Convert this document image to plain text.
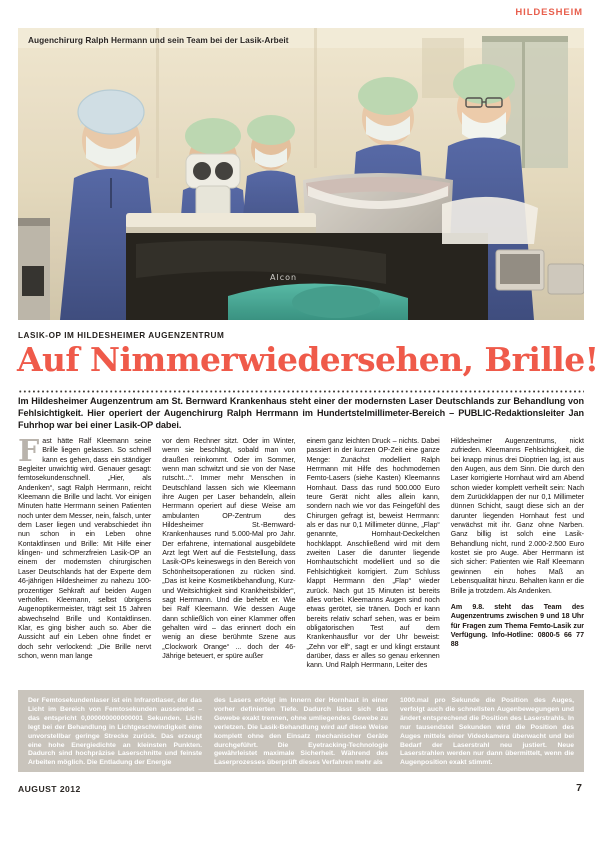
HILDESHEIM
Alcon
Augenchirurg Ralph Hermann und sein Team bei der Lasik-Arbeit
LASIK-OP IM HILDESHEIMER AUGENZENTRUM
Auf Nimmerwiedersehen, Brille!
Im Hildesheimer Augenzentrum am St. Bernward Krankenhaus steht einer der modernsten Laser Deutschlands zur Behandlung von Fehlsichtigkeit. Hier operiert der Augenchirurg Ralph Herrmann im Hundertstelmillimeter-Bereich – PUBLIC-Redaktionsleiter Jan Fuhrhop war bei einer Lasik-OP dabei.
Fast hätte Ralf Kleemann seine Brille liegen gelassen. So schnell kann es gehen, dass ein ständiger Begleiter unwichtig wird. Genauer gesagt: femtosekundenschnell. „Hier, als Andenken“, sagt Ralph Herrmann, reicht Kleemann die Brille und lacht. Vor einigen Minuten hatte Herrmann seinen Patienten noch unter dem Messer, nein, falsch, unter dem Laser liegen und verabschiedet ihn nun schon in ein Leben ohne Kontaktlinsen und Brille: Mit Hilfe einer klingen- und schmerzfreien Lasik-OP an einem der modernsten chirurgischen Laser Deutschlands hat der Experte dem 46-jährigen Hildesheimer zu nahezu 100-prozentiger Sehkraft auf beiden Augen verholfen. Kleemann, selbst übrigens Augenoptikermeister, trägt seit 15 Jahren abwechselnd Brille und Kontaktlinsen. Klar, es ging bisher auch so. Aber die Aussicht auf ein Leben ohne findet er doch sehr verlockend: „Die Brille nervt schon, wenn man lange
vor dem Rechner sitzt. Oder im Winter, wenn sie beschlägt, sobald man von draußen reinkommt. Oder im Sommer, wenn man schwitzt und sie von der Nase rutscht...“. Immer mehr Menschen in Deutschland lassen sich wie Kleemann ihre Augen per Laser behandeln, allein Herrmann operiert auf diese Weise am ambulanten OP-Zentrum des Hildesheimer St.-Bernward-Krankenhauses rund 5.000-Mal pro Jahr. Der erfahrene, international ausgebildete Arzt legt Wert auf die Feststellung, dass Lasik-OPs keineswegs in den Bereich von Schönheitsoperationen zu rücken sind. „Das ist keine Kosmetikbehandlung, Kurz- und Weitsichtigkeit sind Krankheitsbilder“, sagt Herrmann. Und die behebt er. Wie bei Ralf Kleemann. Wie dessen Auge dann schließlich von einer Klammer offen gehalten wird – das erinnert doch ein wenig an diese berühmte Szene aus „Clockwork Orange“ ... doch der 46-Jährige beteuert, er spüre außer
einem ganz leichten Druck – nichts. Dabei passiert in der kurzen OP-Zeit eine ganze Menge: Zunächst modelliert Ralph Herrmann mit Hilfe des hochmodernen Femto-Lasers (siehe Kasten) Kleemanns Hornhaut. Dass das rund 500.000 Euro teure Gerät nicht alles allein kann, sondern nach wie vor das Feingefühl des Chirurgen gefragt ist, beweist Herrmann: als er das nur 0,1 Millimeter dünne, „Flap“ genannte, Hornhaut-Deckelchen hochklappt. Anschließend wird mit dem zweiten Laser die darunter liegende Hornhautschicht modelliert und so die Fehlsichtigkeit korrigiert. Zum Schluss klappt Herrmann den „Flap“ wieder zurück. Nach gut 15 Minuten ist bereits alles vorbei. Kleemanns Augen sind noch etwas gerötet, sie tränen. Doch er kann bereits relativ scharf sehen, was er beim obligatorischen Test auf dem Krankenhausflur vor der Uhr beweist: „Zehn vor elf“, sagt er und klingt erstaunt darüber, dass er alles so genau erkennen kann. Und Ralph Herrmann, Leiter des
Hildesheimer Augenzentrums, nickt zufrieden. Kleemanns Fehlsichtigkeit, die bei knapp minus drei Dioptrien lag, ist aus den Augen, aus dem Sinn. Die durch den Laser korrigierte Hornhaut wird am Abend schon wieder komplett verheilt sein: Nach dem Zurückklappen der nur 0,1 Millimeter dünnen Schicht, saugt diese sich an der darunter liegenden Hornhaut fest und verwächst mit ihr. Ganz ohne Narben. Ganz billig ist solch eine Lasik-Behandlung nicht, rund 2.000-2.500 Euro kostet sie pro Auge. Aber Herrmann ist sich sicher: Patienten wie Ralf Kleemann gewinnen ein hohes Maß an Lebensqualität hinzu. Behalten kann er die Brille ja trotzdem. Als Andenken.
Am 9.8. steht das Team des Augenzentrums zwischen 9 und 18 Uhr für Fragen zum Thema Femto-Lasik zur Verfügung. Info-Hotline: 0800-5 66 77 88
Der Femtosekundenlaser ist ein Infrarotlaser, der das Licht im Bereich von Femtosekunden aussendet – das entspricht 0,000000000000001 Sekunden. Licht legt bei der Behandlung in Lichtgeschwindigkeit eine unvorstellbar geringe Strecke zurück. Das erzeugt eine hohe Energiedichte an kleinsten Punkten. Dadurch sind hochpräzise Laserschnitte und feinste Arbeiten möglich. Die Entladung der Energie
des Lasers erfolgt im Innern der Hornhaut in einer vorher definierten Tiefe. Dadurch lässt sich das Gewebe exakt trennen, ohne umliegendes Gewebe zu verletzen. Die Lasik-Behandlung wird auf diese Weise komplett ohne den Einsatz mechanischer Geräte durchgeführt. Die Eyetracking-Technologie gewährleistet maximale Sicherheit. Während des Laserprozesses überprüft dieses Verfahren mehr als
1000.mal pro Sekunde die Position des Auges, verfolgt auch die schnellsten Augenbewegungen und ändert entsprechend die Position des Laserstrahls. In nur tausendstel Sekunden wird die Position des Auges mittels einer Videokamera überwacht und bei Bedarf der Laserstrahl neu justiert. Neue Laserstrahlen werden nur dann übermittelt, wenn die Augenposition exakt stimmt.
AUGUST 2012	7
